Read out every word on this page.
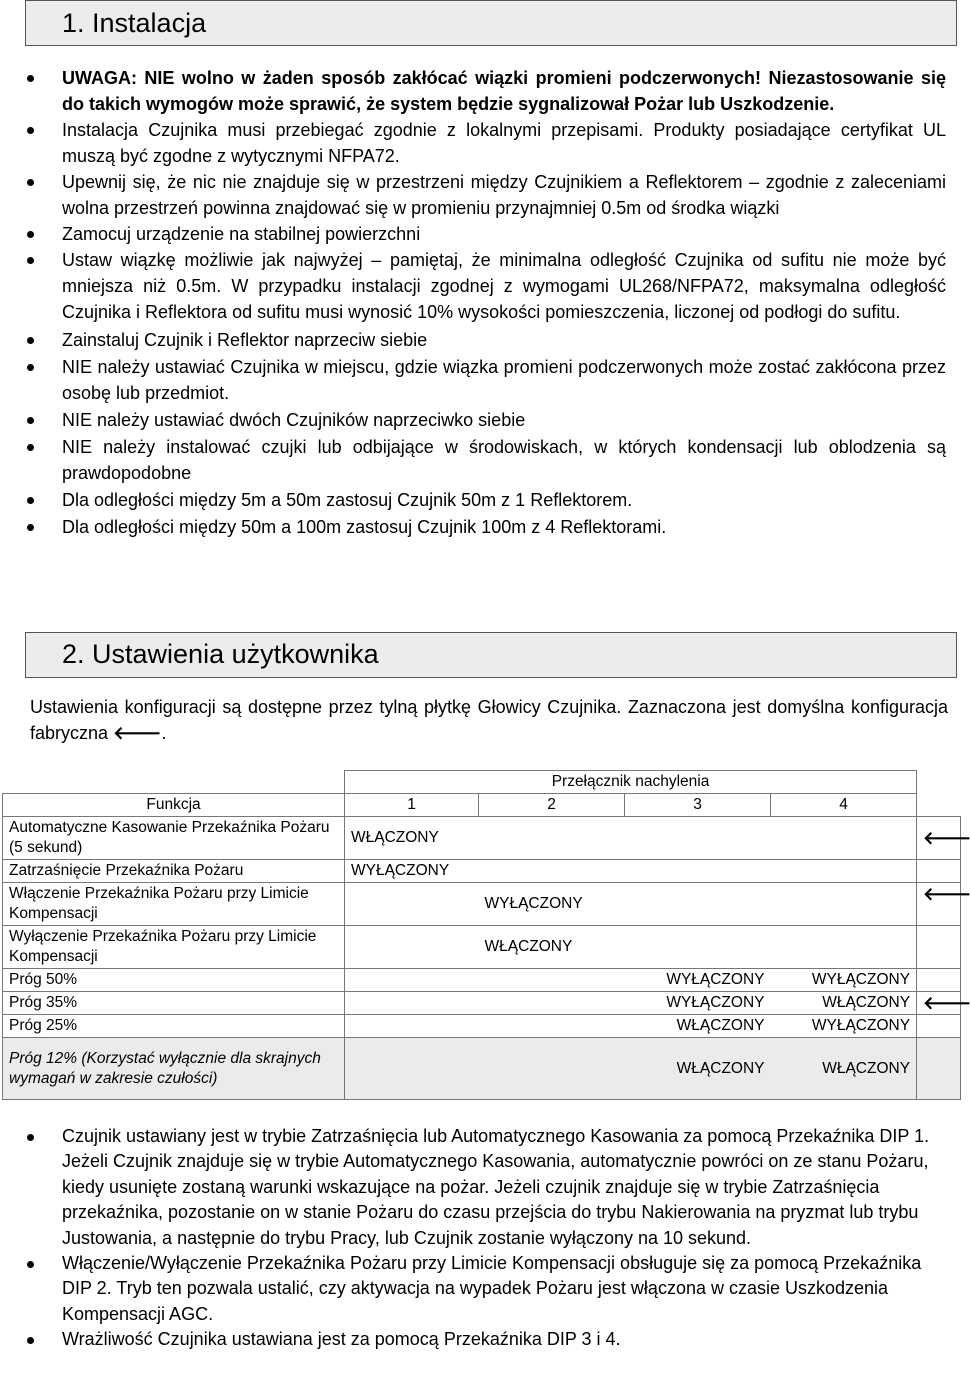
1. Instalacja
UWAGA: NIE wolno w żaden sposób zakłócać wiązki promieni podczerwonych! Niezastosowanie się do takich wymogów może sprawić, że system będzie sygnalizował Pożar lub Uszkodzenie.
Instalacja Czujnika musi przebiegać zgodnie z lokalnymi przepisami. Produkty posiadające certyfikat UL muszą być zgodne z wytycznymi NFPA72.
Upewnij się, że nic nie znajduje się w przestrzeni między Czujnikiem a Reflektorem – zgodnie z zaleceniami wolna przestrzeń powinna znajdować się w promieniu przynajmniej 0.5m od środka wiązki
Zamocuj urządzenie na stabilnej powierzchni
Ustaw wiązkę możliwie jak najwyżej – pamiętaj, że minimalna odległość Czujnika od sufitu nie może być mniejsza niż 0.5m. W przypadku instalacji zgodnej z wymogami UL268/NFPA72, maksymalna odległość Czujnika i Reflektora od sufitu musi wynosić 10% wysokości pomieszczenia, liczonej od podłogi do sufitu.
Zainstaluj Czujnik i Reflektor naprzeciw siebie
NIE należy ustawiać Czujnika w miejscu, gdzie wiązka promieni podczerwonych może zostać zakłócona przez osobę lub przedmiot.
NIE należy ustawiać dwóch Czujników naprzeciwko siebie
NIE należy instalować czujki lub odbijające w środowiskach, w których kondensacji lub oblodzenia są prawdopodobne
Dla odległości między 5m a 50m zastosuj Czujnik 50m z 1 Reflektorem.
Dla odległości między 50m a 100m zastosuj Czujnik 100m z 4 Reflektorami.
2. Ustawienia użytkownika
Ustawienia konfiguracji są dostępne przez tylną płytkę Głowicy Czujnika. Zaznaczona jest domyślna konfiguracja fabryczna 🡐.
	Przełącznik nachylenia				
Funkcja	1	2	3	4	
Automatyczne Kasowanie Przekaźnika Pożaru (5 sekund)	WŁĄCZONY				🡐
Zatrzaśnięcie Przekaźnika Pożaru	WYŁĄCZONY				
Włączenie Przekaźnika Pożaru przy Limicie Kompensacji		WYŁĄCZONY			🡐
Wyłączenie Przekaźnika Pożaru przy Limicie Kompensacji		WŁĄCZONY			
Próg 50%			WYŁĄCZONY	WYŁĄCZONY	
Próg 35%			WYŁĄCZONY	WŁĄCZONY	🡐
Próg 25%			WŁĄCZONY	WYŁĄCZONY	
Próg 12% (Korzystać wyłącznie dla skrajnych wymagań w zakresie czułości)			WŁĄCZONY	WŁĄCZONY	
Czujnik ustawiany jest w trybie Zatrzaśnięcia lub Automatycznego Kasowania za pomocą Przekaźnika DIP 1. Jeżeli Czujnik znajduje się w trybie Automatycznego Kasowania, automatycznie powróci on ze stanu Pożaru, kiedy usunięte zostaną warunki wskazujące na pożar. Jeżeli czujnik znajduje się w trybie Zatrzaśnięcia przekaźnika, pozostanie on w stanie Pożaru do czasu przejścia do trybu Nakierowania na pryzmat lub trybu Justowania, a następnie do trybu Pracy, lub Czujnik zostanie wyłączony na 10 sekund.
Włączenie/Wyłączenie Przekaźnika Pożaru przy Limicie Kompensacji obsługuje się za pomocą Przekaźnika DIP 2. Tryb ten pozwala ustalić, czy aktywacja na wypadek Pożaru jest włączona w czasie Uszkodzenia Kompensacji AGC.
Wrażliwość Czujnika ustawiana jest za pomocą Przekaźnika DIP 3 i 4.
